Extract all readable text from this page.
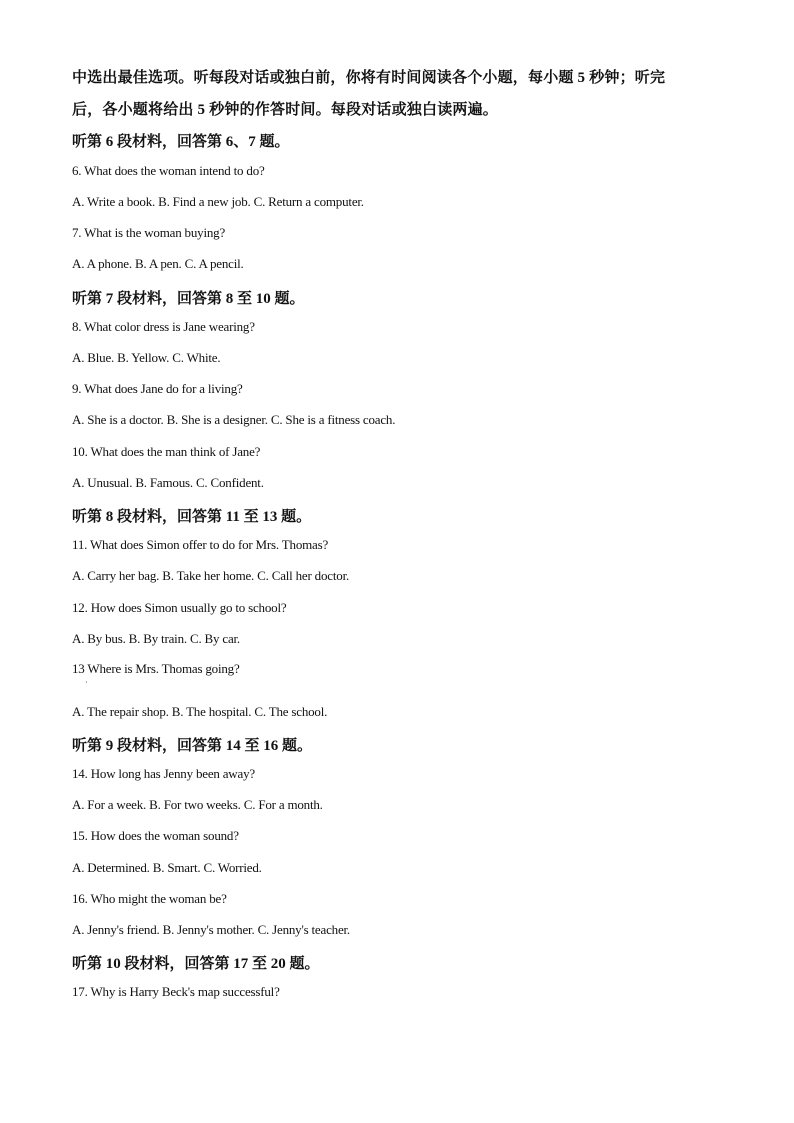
中选出最佳选项。听每段对话或独白前，你将有时间阅读各个小题，每小题 5 秒钟；听完
后，各小题将给出 5 秒钟的作答时间。每段对话或独白读两遍。
听第 6 段材料，回答第 6、7 题。
6. What does the woman intend to do?
A. Write a book. B. Find a new job. C. Return a computer.
7. What is the woman buying?
A. A phone. B. A pen. C. A pencil.
听第 7 段材料，回答第 8 至 10 题。
8. What color dress is Jane wearing?
A. Blue. B. Yellow. C. White.
9. What does Jane do for a living?
A. She is a doctor. B. She is a designer. C. She is a fitness coach.
10. What does the man think of Jane?
A. Unusual. B. Famous. C. Confident.
听第 8 段材料，回答第 11 至 13 题。
11. What does Simon offer to do for Mrs. Thomas?
A. Carry her bag. B. Take her home. C. Call her doctor.
12. How does Simon usually go to school?
A. By bus. B. By train. C. By car.
13 Where is Mrs. Thomas going?
·
A. The repair shop. B. The hospital. C. The school.
听第 9 段材料，回答第 14 至 16 题。
14. How long has Jenny been away?
A. For a week. B. For two weeks. C. For a month.
15. How does the woman sound?
A. Determined. B. Smart. C. Worried.
16. Who might the woman be?
A. Jenny's friend. B. Jenny's mother. C. Jenny's teacher.
听第 10 段材料，回答第 17 至 20 题。
17. Why is Harry Beck's map successful?
